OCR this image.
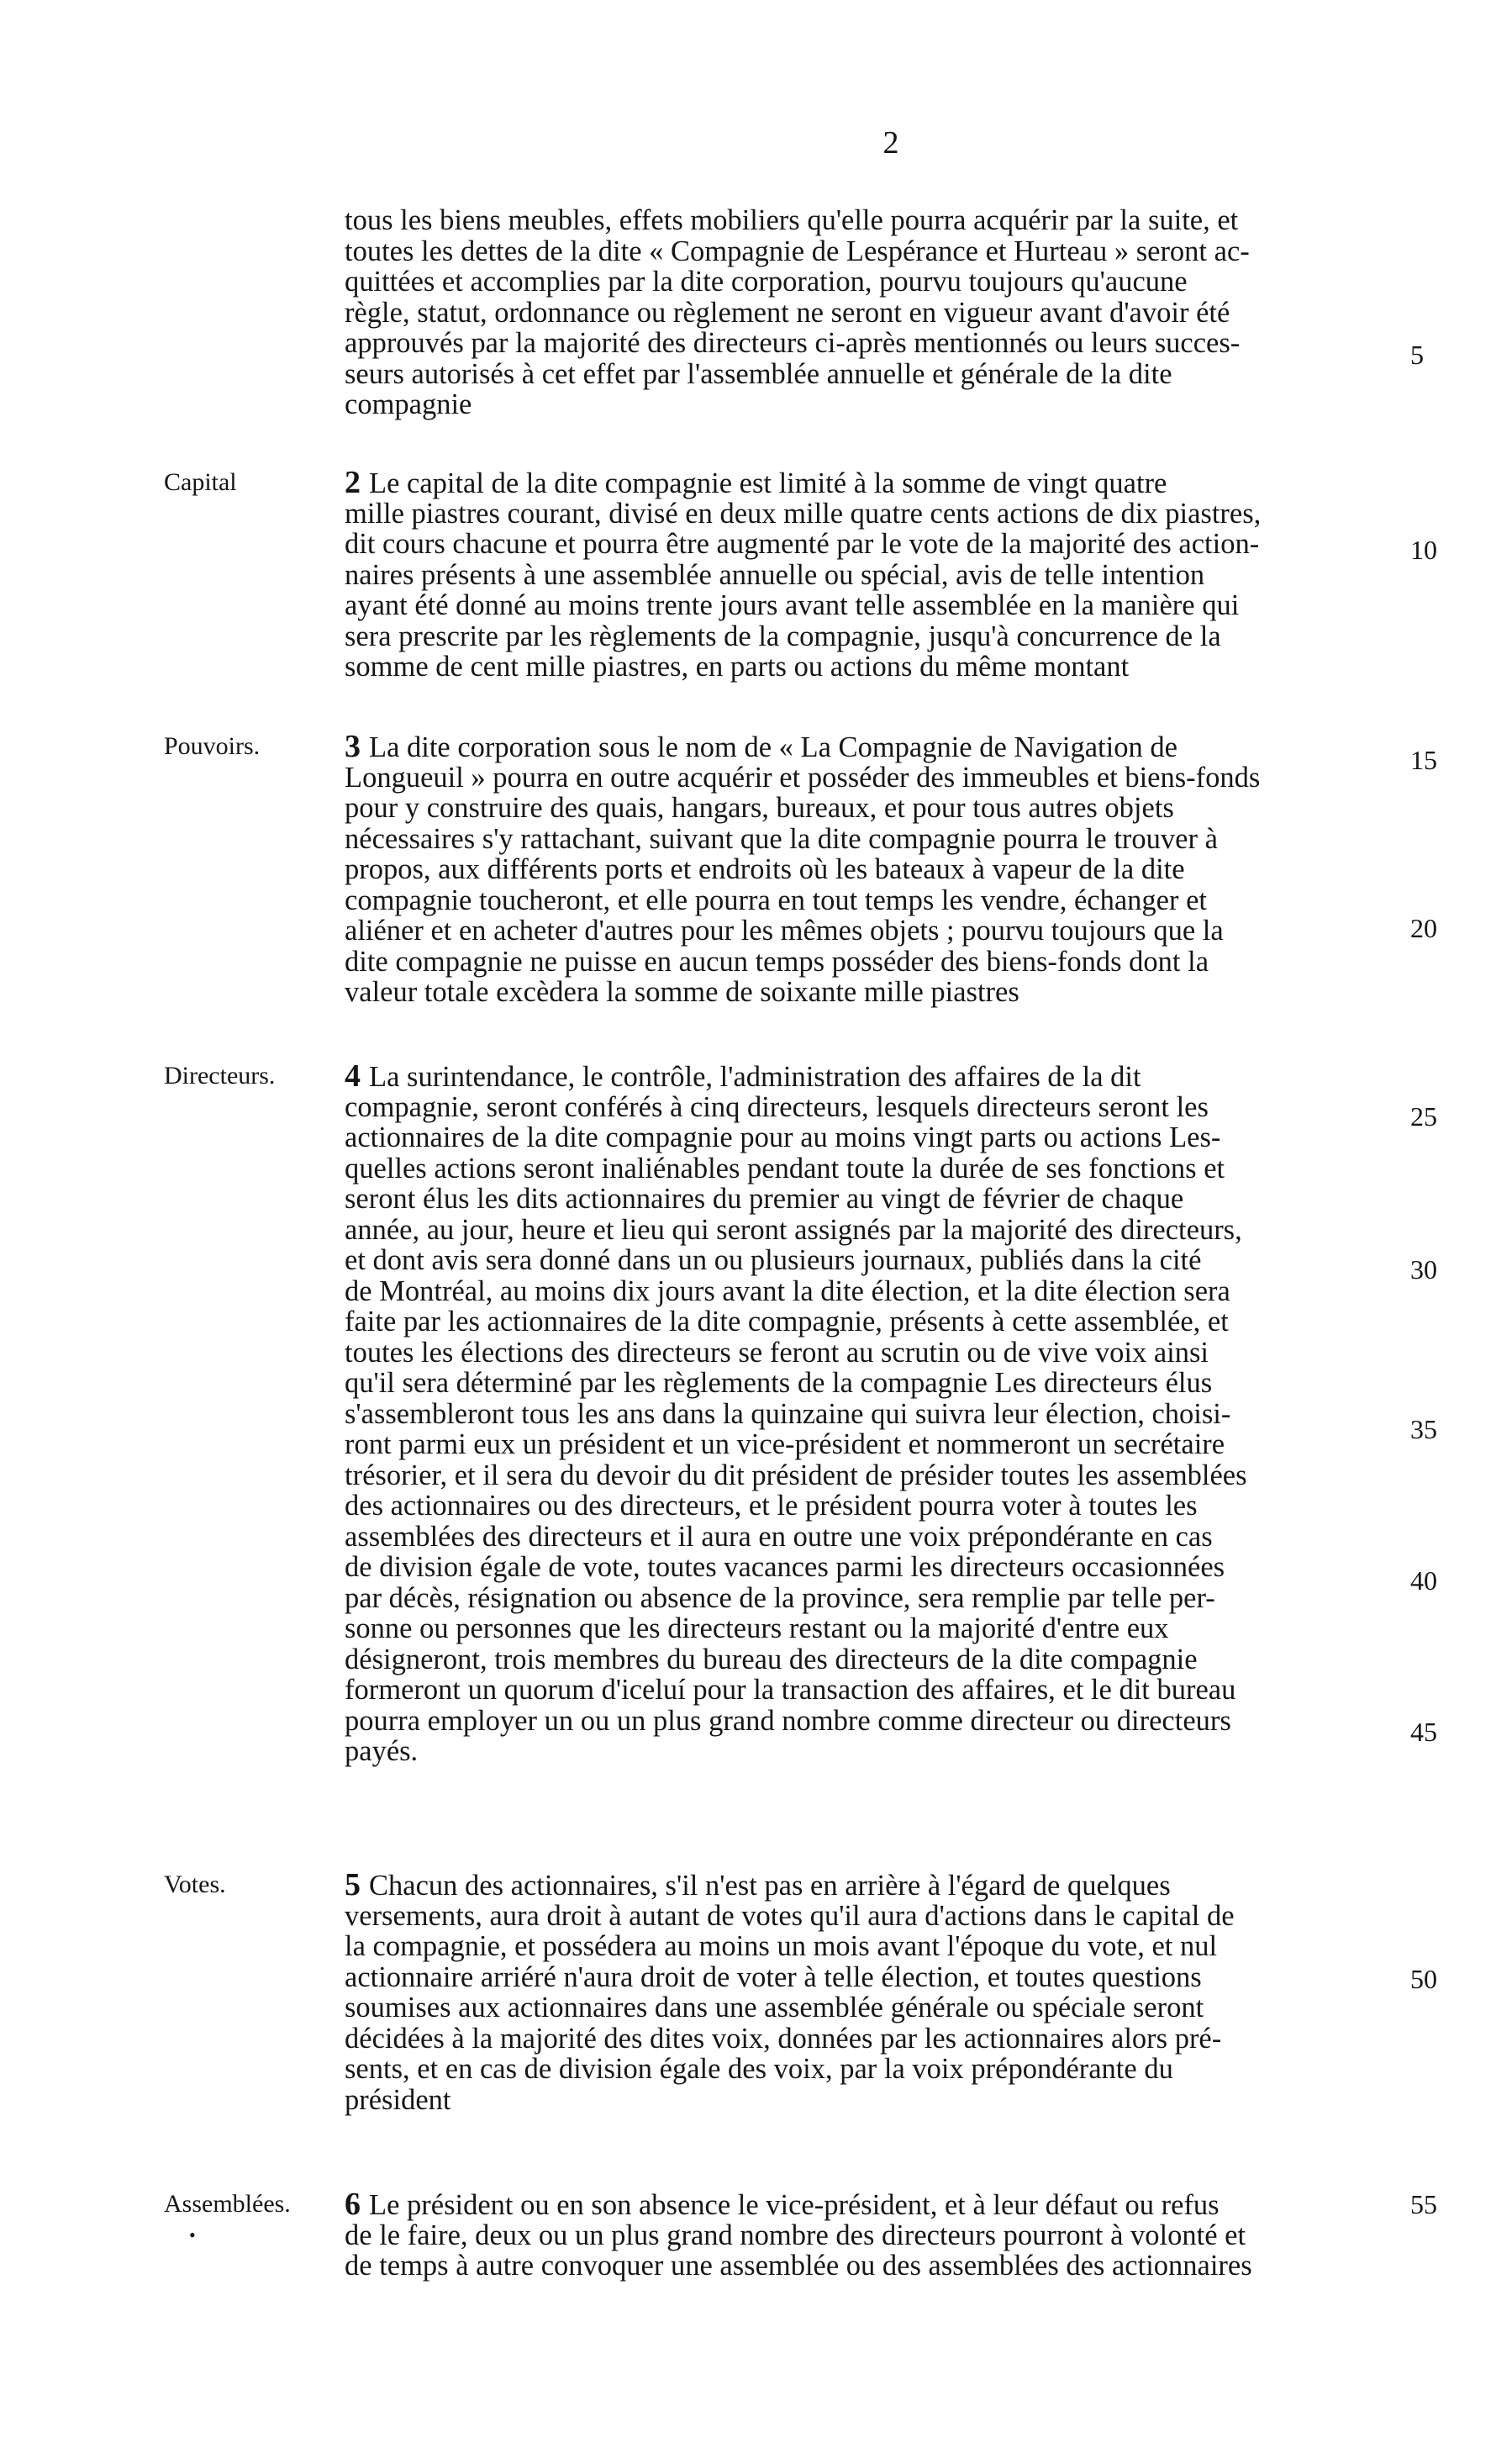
2
tous les biens meubles, effets mobiliers qu'elle pourra acquérir par la suite, et
toutes les dettes de la dite « Compagnie de Lespérance et Hurteau » seront ac-
quittées et accomplies par la dite corporation, pourvu toujours qu'aucune
règle, statut, ordonnance ou règlement ne seront en vigueur avant d'avoir été
approuvés par la majorité des directeurs ci-après mentionnés ou leurs succes-
seurs autorisés à cet effet par l'assemblée annuelle et générale de la dite
compagnie
5
Capital	2 Le capital de la dite compagnie est limité à la somme de vingt quatre
mille piastres courant, divisé en deux mille quatre cents actions de dix piastres,
dit cours chacune et pourra être augmenté par le vote de la majorité des action-
naires présents à une assemblée annuelle ou spécial, avis de telle intention
ayant été donné au moins trente jours avant telle assemblée en la manière qui
sera prescrite par les règlements de la compagnie, jusqu'à concurrence de la
somme de cent mille piastres, en parts ou actions du même montant
10
Pouvoirs.	3 La dite corporation sous le nom de « La Compagnie de Navigation de
Longueuil » pourra en outre acquérir et posséder des immeubles et biens-fonds
pour y construire des quais, hangars, bureaux, et pour tous autres objets
nécessaires s'y rattachant, suivant que la dite compagnie pourra le trouver à
propos, aux différents ports et endroits où les bateaux à vapeur de la dite
compagnie toucheront, et elle pourra en tout temps les vendre, échanger et
aliéner et en acheter d'autres pour les mêmes objets ; pourvu toujours que la
dite compagnie ne puisse en aucun temps posséder des biens-fonds dont la
valeur totale excèdera la somme de soixante mille piastres
15
20
Directeurs. 4 La surintendance, le contrôle, l'administration des affaires de la dit
compagnie, seront conférés à cinq directeurs, lesquels directeurs seront les
actionnaires de la dite compagnie pour au moins vingt parts ou actions Les-
quelles actions seront inaliénables pendant toute la durée de ses fonctions et
seront élus les dits actionnaires du premier au vingt de février de chaque
année, au jour, heure et lieu qui seront assignés par la majorité des directeurs,
et dont avis sera donné dans un ou plusieurs journaux, publiés dans la cité
de Montréal, au moins dix jours avant la dite élection, et la dite élection sera
faite par les actionnaires de la dite compagnie, présents à cette assemblée, et
toutes les élections des directeurs se feront au scrutin ou de vive voix ainsi
qu'il sera déterminé par les règlements de la compagnie Les directeurs élus
s'assembleront tous les ans dans la quinzaine qui suivra leur élection, choisi-
ront parmi eux un président et un vice-président et nommeront un secrétaire
trésorier, et il sera du devoir du dit président de présider toutes les assemblées
des actionnaires ou des directeurs, et le président pourra voter à toutes les
assemblées des directeurs et il aura en outre une voix prépondérante en cas
de division égale de vote, toutes vacances parmi les directeurs occasionnées
par décès, résignation ou absence de la province, sera remplie par telle per-
sonne ou personnes que les directeurs restant ou la majorité d'entre eux
désigneront, trois membres du bureau des directeurs de la dite compagnie
formeront un quorum d'iceluí pour la transaction des affaires, et le dit bureau
pourra employer un ou un plus grand nombre comme directeur ou directeurs
payés.
25
30
35
40
45
Votes.	5 Chacun des actionnaires, s'il n'est pas en arrière à l'égard de quelques
versements, aura droit à autant de votes qu'il aura d'actions dans le capital de
la compagnie, et possédera au moins un mois avant l'époque du vote, et nul
actionnaire arriéré n'aura droit de voter à telle élection, et toutes questions
soumises aux actionnaires dans une assemblée générale ou spéciale seront
décidées à la majorité des dites voix, données par les actionnaires alors pré-
sents, et en cas de division égale des voix, par la voix prépondérante du
président
50
Assemblées.
•
6 Le président ou en son absence le vice-président, et à leur défaut ou refus
de le faire, deux ou un plus grand nombre des directeurs pourront à volonté et
de temps à autre convoquer une assemblée ou des assemblées des actionnaires
55
